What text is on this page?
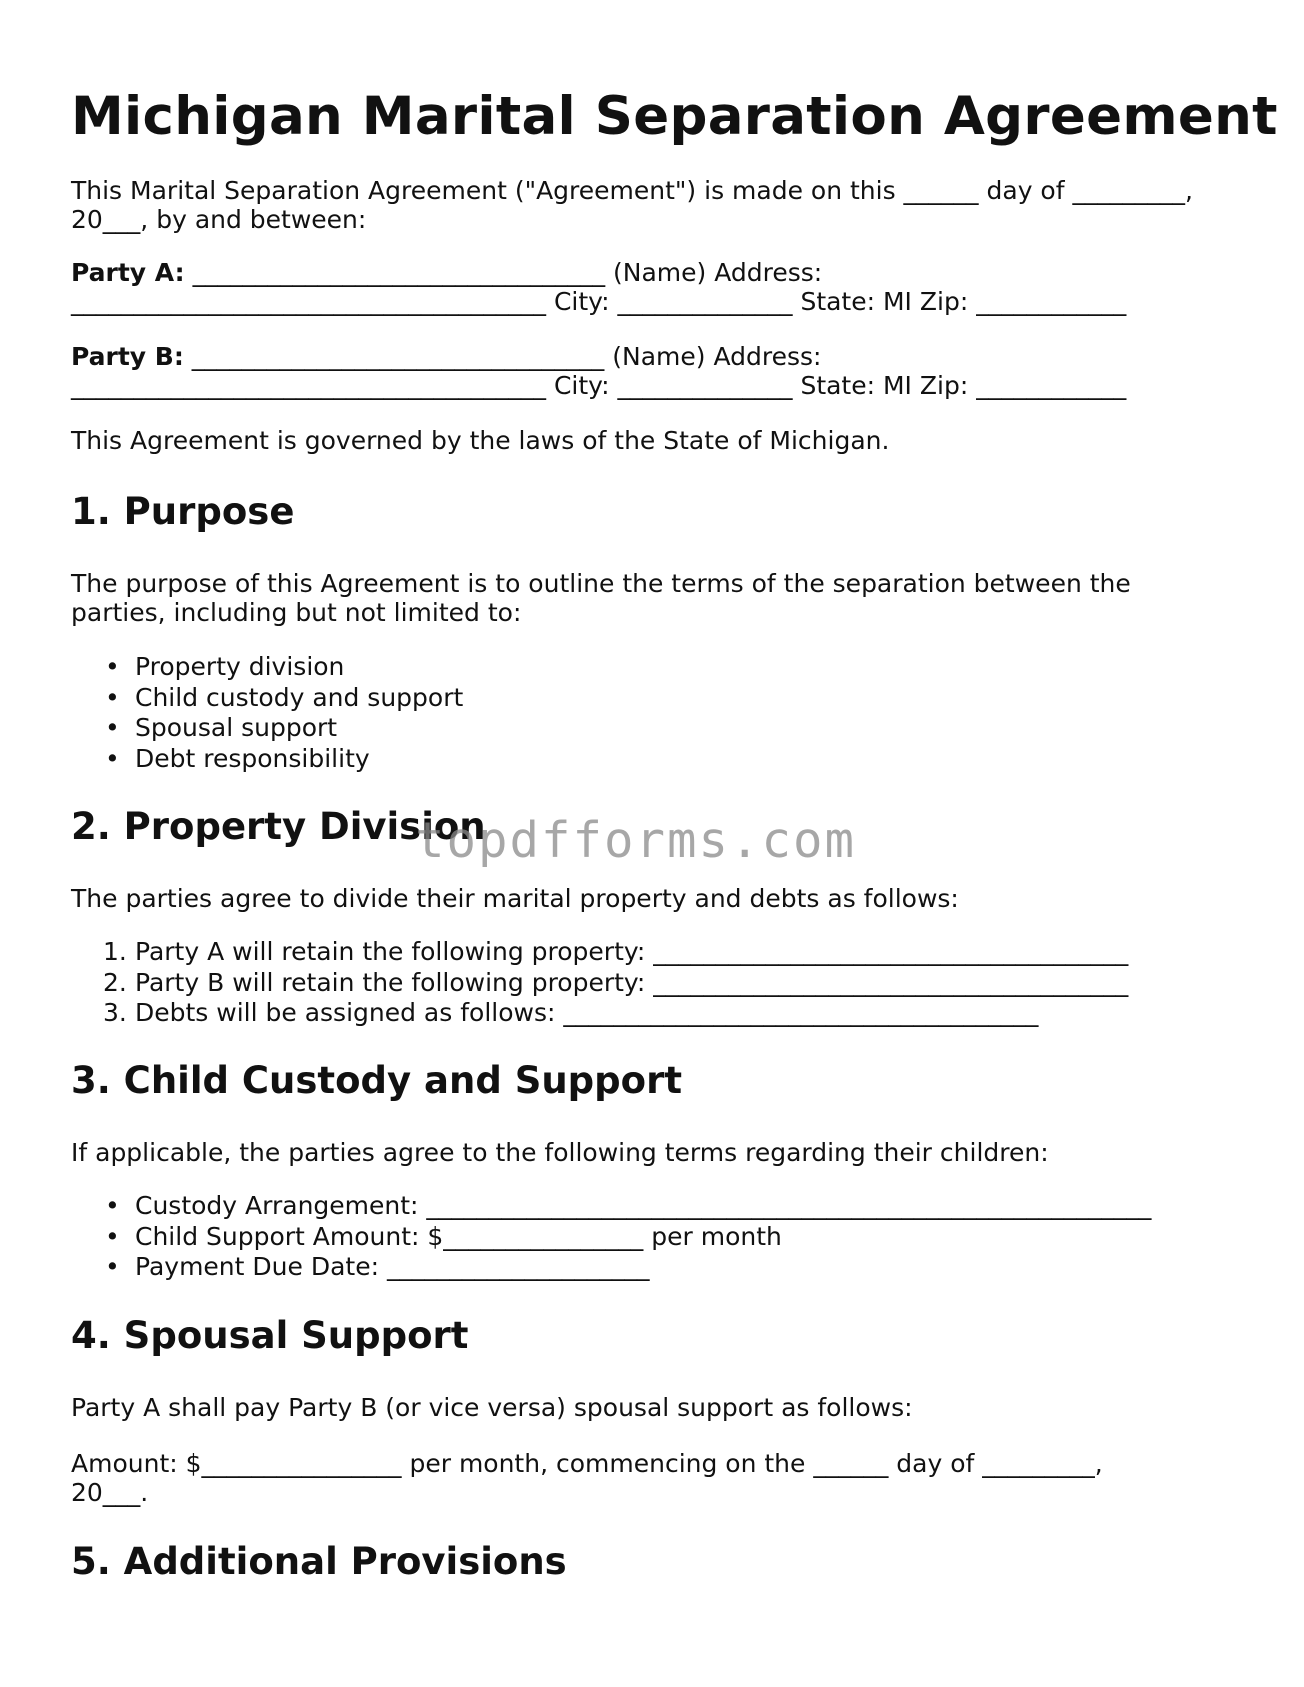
Michigan Marital Separation Agreement

This Marital Separation Agreement ("Agreement") is made on this ______ day of _________,

20___, by and between:

Party A: _________________________________ (Name) Address:

______________________________________ City: ______________ State: MI Zip: ____________

Party B: _________________________________ (Name) Address:

______________________________________ City: ______________ State: MI Zip: ____________

This Agreement is governed by the laws of the State of Michigan.

1. Purpose

The purpose of this Agreement is to outline the terms of the separation between the

parties, including but not limited to:

• Property division
• Child custody and support
• Spousal support
• Debt responsibility
2. Property Division

The parties agree to divide their marital property and debts as follows:

1. Party A will retain the following property: ______________________________________
2. Party B will retain the following property: ______________________________________
3. Debts will be assigned as follows: ______________________________________
3. Child Custody and Support

If applicable, the parties agree to the following terms regarding their children:

• Custody Arrangement: __________________________________________________________
• Child Support Amount: $________________ per month
• Payment Due Date: _____________________
4. Spousal Support

Party A shall pay Party B (or vice versa) spousal support as follows:

Amount: $________________ per month, commencing on the ______ day of _________,

20___.

5. Additional Provisions
topdfforms.com
